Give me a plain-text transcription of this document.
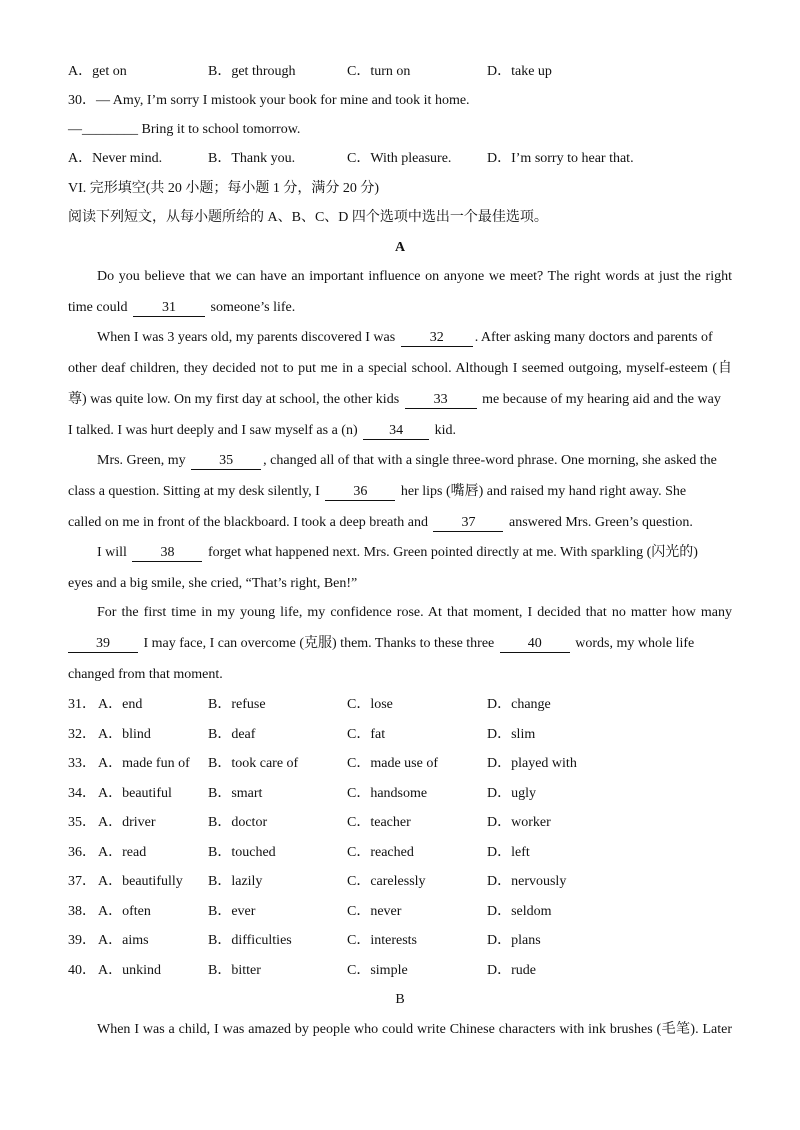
A．get on	B．get through	C．turn on	D．take up
30．— Amy, I’m sorry I mistook your book for mine and took it home.
—________ Bring it to school tomorrow.
A．Never mind.	B．Thank you.	C．With pleasure.	D．I’m sorry to hear that.
VI. 完形填空(共 20 小题；每小题 1 分，满分 20 分)
阅读下列短文，从每小题所给的 A、B、C、D 四个选项中选出一个最佳选项。
A
Do you believe that we can have an important influence on anyone we meet? The right words at just the right
time could 31 someone’s life.
When I was 3 years old, my parents discovered I was 32 . After asking many doctors and parents of
other deaf children, they decided not to put me in a special school. Although I seemed outgoing, myself-esteem (自
尊) was quite low. On my first day at school, the other kids 33 me because of my hearing aid and the way
I talked. I was hurt deeply and I saw myself as a (n) 34 kid.
Mrs. Green, my 35 , changed all of that with a single three-word phrase. One morning, she asked the
class a question. Sitting at my desk silently, I 36 her lips (嘴唇) and raised my hand right away. She
called on me in front of the blackboard. I took a deep breath and 37 answered Mrs. Green’s question.
I will 38 forget what happened next. Mrs. Green pointed directly at me. With sparkling (闪光的)
eyes and a big smile, she cried, “That’s right, Ben!”
For the first time in my young life, my confidence rose. At that moment, I decided that no matter how many
39 I may face, I can overcome (克服) them. Thanks to these three 40 words, my whole life
changed from that moment.
31． A．end	B．refuse	C．lose	D．change
32． A．blind	B．deaf	C．fat	D．slim
33． A．made fun of B．took care of	C．made use of	D．played with
34． A．beautiful	B．smart	C．handsome	D．ugly
35． A．driver	B．doctor	C．teacher	D．worker
36． A．read	B．touched	C．reached	D．left
37． A．beautifully B．lazily	C．carelessly	D．nervously
38． A．often	B．ever	C．never	D．seldom
39． A．aims	B．difficulties	C．interests	D．plans
40． A．unkind	B．bitter	C．simple	D．rude
B
When I was a child, I was amazed by people who could write Chinese characters with ink brushes (毛笔). Later
